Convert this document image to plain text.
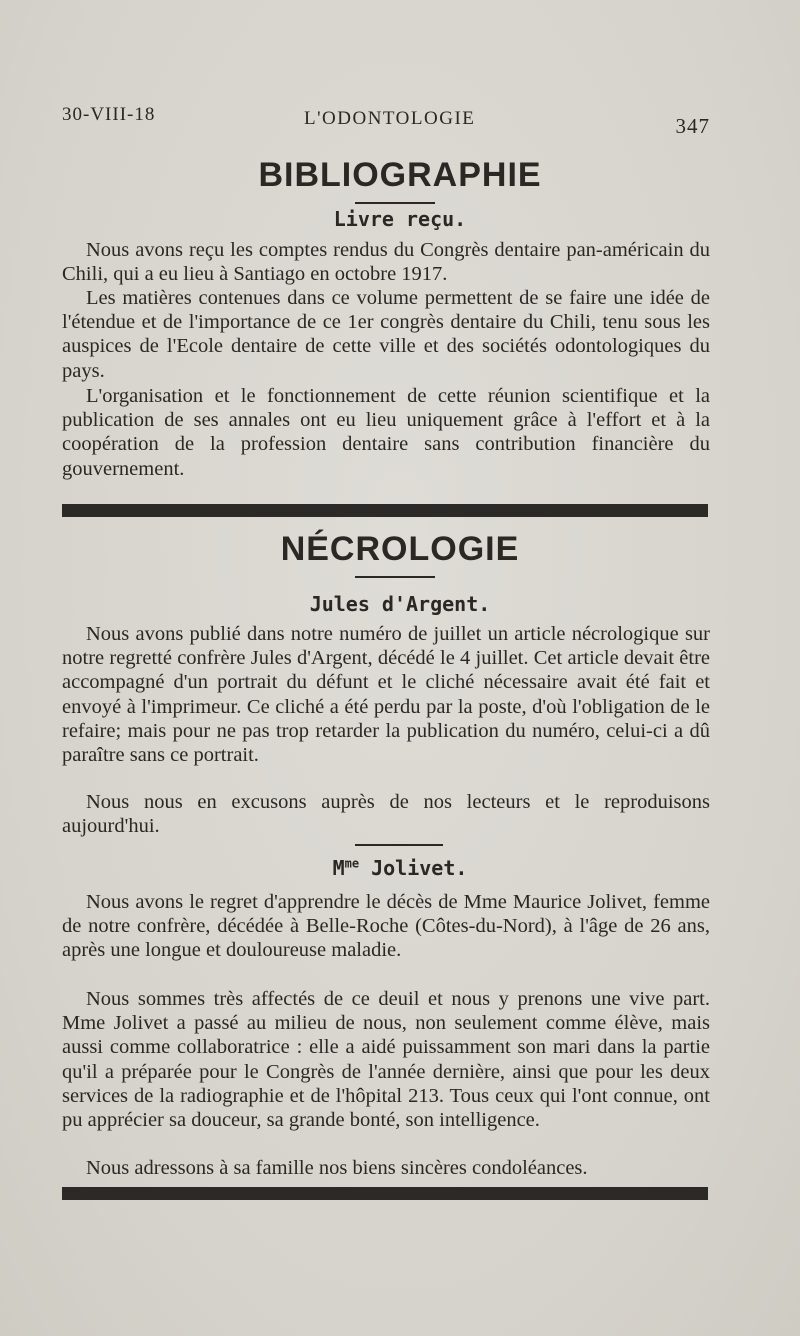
30-VIII-18	L'ODONTOLOGIE	347
BIBLIOGRAPHIE
Livre reçu.

Nous avons reçu les comptes rendus du Congrès dentaire pan-américain du Chili, qui a eu lieu à Santiago en octobre 1917.

Les matières contenues dans ce volume permettent de se faire une idée de l'étendue et de l'importance de ce 1er congrès dentaire du Chili, tenu sous les auspices de l'Ecole dentaire de cette ville et des sociétés odontologiques du pays.

L'organisation et le fonctionnement de cette réunion scientifique et la publication de ses annales ont eu lieu uniquement grâce à l'effort et à la coopération de la profession dentaire sans contribution financière du gouvernement.

NÉCROLOGIE
Jules d'Argent.

Nous avons publié dans notre numéro de juillet un article nécrologique sur notre regretté confrère Jules d'Argent, décédé le 4 juillet. Cet article devait être accompagné d'un portrait du défunt et le cliché nécessaire avait été fait et envoyé à l'imprimeur. Ce cliché a été perdu par la poste, d'où l'obligation de le refaire; mais pour ne pas trop retarder la publication du numéro, celui-ci a dû paraître sans ce portrait.

Nous nous en excusons auprès de nos lecteurs et le reproduisons aujourd'hui.

$M^{me}$ Jolivet.

Nous avons le regret d'apprendre le décès de Mme Maurice Jolivet, femme de notre confrère, décédée à Belle-Roche (Côtes-du-Nord), à l'âge de 26 ans, après une longue et douloureuse maladie.

Nous sommes très affectés de ce deuil et nous y prenons une vive part. Mme Jolivet a passé au milieu de nous, non seulement comme élève, mais aussi comme collaboratrice : elle a aidé puissamment son mari dans la partie qu'il a préparée pour le Congrès de l'année dernière, ainsi que pour les deux services de la radiographie et de l'hôpital 213. Tous ceux qui l'ont connue, ont pu apprécier sa douceur, sa grande bonté, son intelligence.

Nous adressons à sa famille nos biens sincères condoléances.
